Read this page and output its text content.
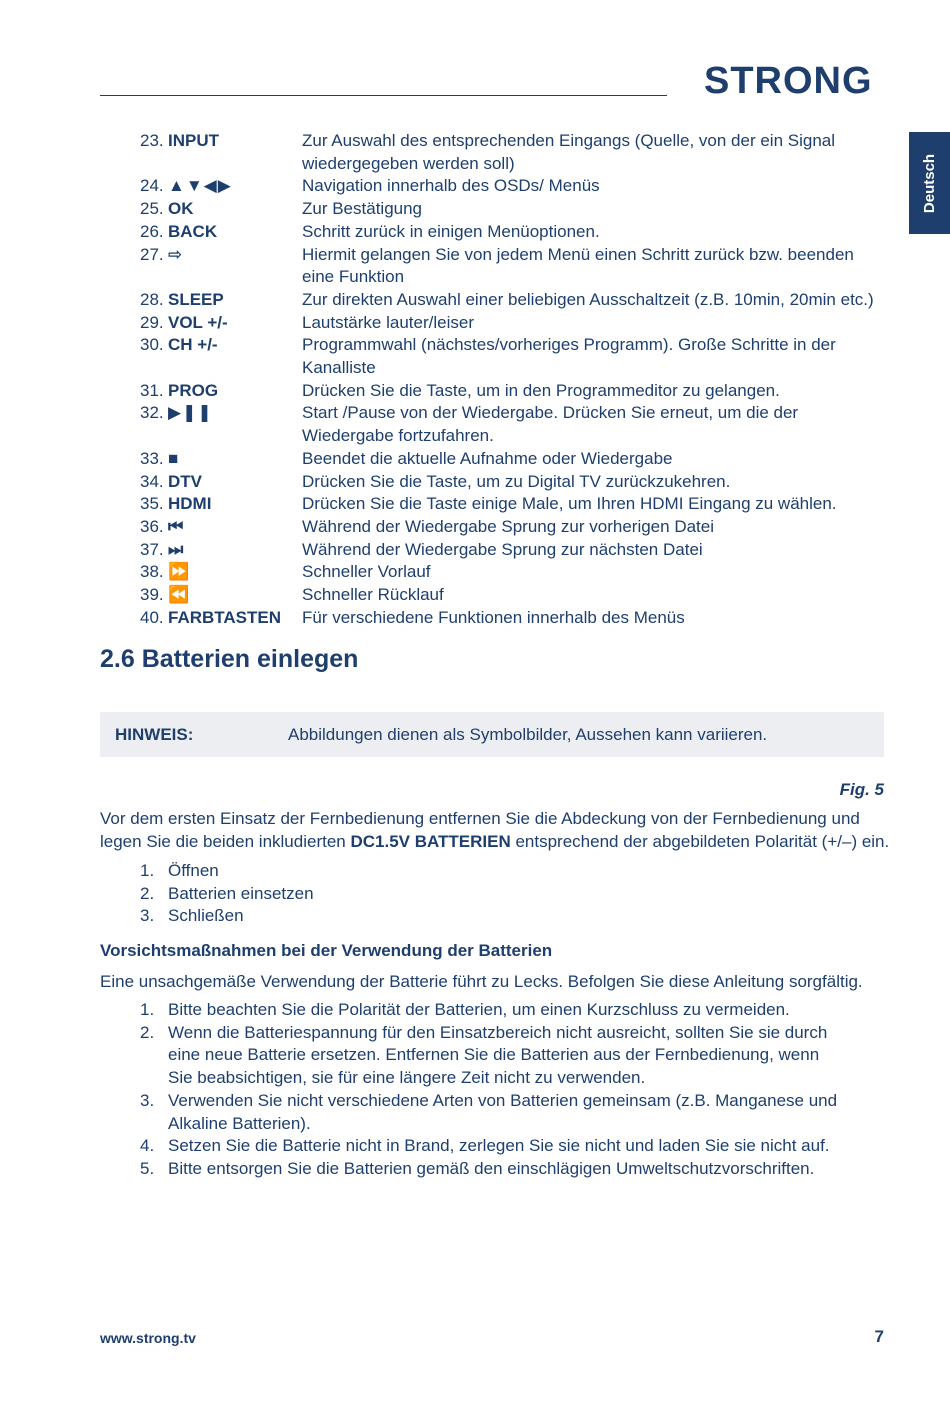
STRONG
Deutsch
23. INPUT	Zur Auswahl des entsprechenden Eingangs (Quelle, von der ein Signal wiedergegeben werden soll)
24. ▲▼◀▶	Navigation innerhalb des OSDs/ Menüs
25. OK	Zur Bestätigung
26. BACK	Schritt zurück in einigen Menüoptionen.
27. ⇨	Hiermit gelangen Sie von jedem Menü einen Schritt zurück bzw. beenden eine Funktion
28. SLEEP	Zur direkten Auswahl einer beliebigen Ausschaltzeit (z.B. 10min, 20min etc.)
29. VOL +/-	Lautstärke lauter/leiser
30. CH +/-	Programmwahl (nächstes/vorheriges Programm). Große Schritte in der Kanalliste
31. PROG	Drücken Sie die Taste, um in den Programmeditor zu gelangen.
32. ▶❚❚	Start /Pause von der Wiedergabe. Drücken Sie erneut, um die der Wiedergabe fortzufahren.
33. ■	Beendet die aktuelle Aufnahme oder Wiedergabe
34. DTV	Drücken Sie die Taste, um zu Digital TV zurückzukehren.
35. HDMI	Drücken Sie die Taste einige Male, um Ihren HDMI Eingang zu wählen.
36. ⏮	Während der Wiedergabe Sprung zur vorherigen Datei
37. ⏭	Während der Wiedergabe Sprung zur nächsten Datei
38. ⏩	Schneller Vorlauf
39. ⏪	Schneller Rücklauf
40. FARBTASTEN	Für verschiedene Funktionen innerhalb des Menüs
2.6 Batterien einlegen
HINWEIS:	Abbildungen dienen als Symbolbilder, Aussehen kann variieren.
Fig. 5

Vor dem ersten Einsatz der Fernbedienung entfernen Sie die Abdeckung von der Fernbedienung und legen Sie die beiden inkludierten DC1.5V BATTERIEN entsprechend der abgebildeten Polarität (+/–) ein.

1. Öffnen
2. Batterien einsetzen
3. Schließen
Vorsichtsmaßnahmen bei der Verwendung der Batterien

Eine unsachgemäße Verwendung der Batterie führt zu Lecks. Befolgen Sie diese Anleitung sorgfältig.

1. Bitte beachten Sie die Polarität der Batterien, um einen Kurzschluss zu vermeiden.
2. Wenn die Batteriespannung für den Einsatzbereich nicht ausreicht, sollten Sie sie durch eine neue Batterie ersetzen. Entfernen Sie die Batterien aus der Fernbedienung, wenn Sie beabsichtigen, sie für eine längere Zeit nicht zu verwenden.
3. Verwenden Sie nicht verschiedene Arten von Batterien gemeinsam (z.B. Manganese und Alkaline Batterien).
4. Setzen Sie die Batterie nicht in Brand, zerlegen Sie sie nicht und laden Sie sie nicht auf.
5. Bitte entsorgen Sie die Batterien gemäß den einschlägigen Umweltschutzvorschriften.
www.strong.tv	7
